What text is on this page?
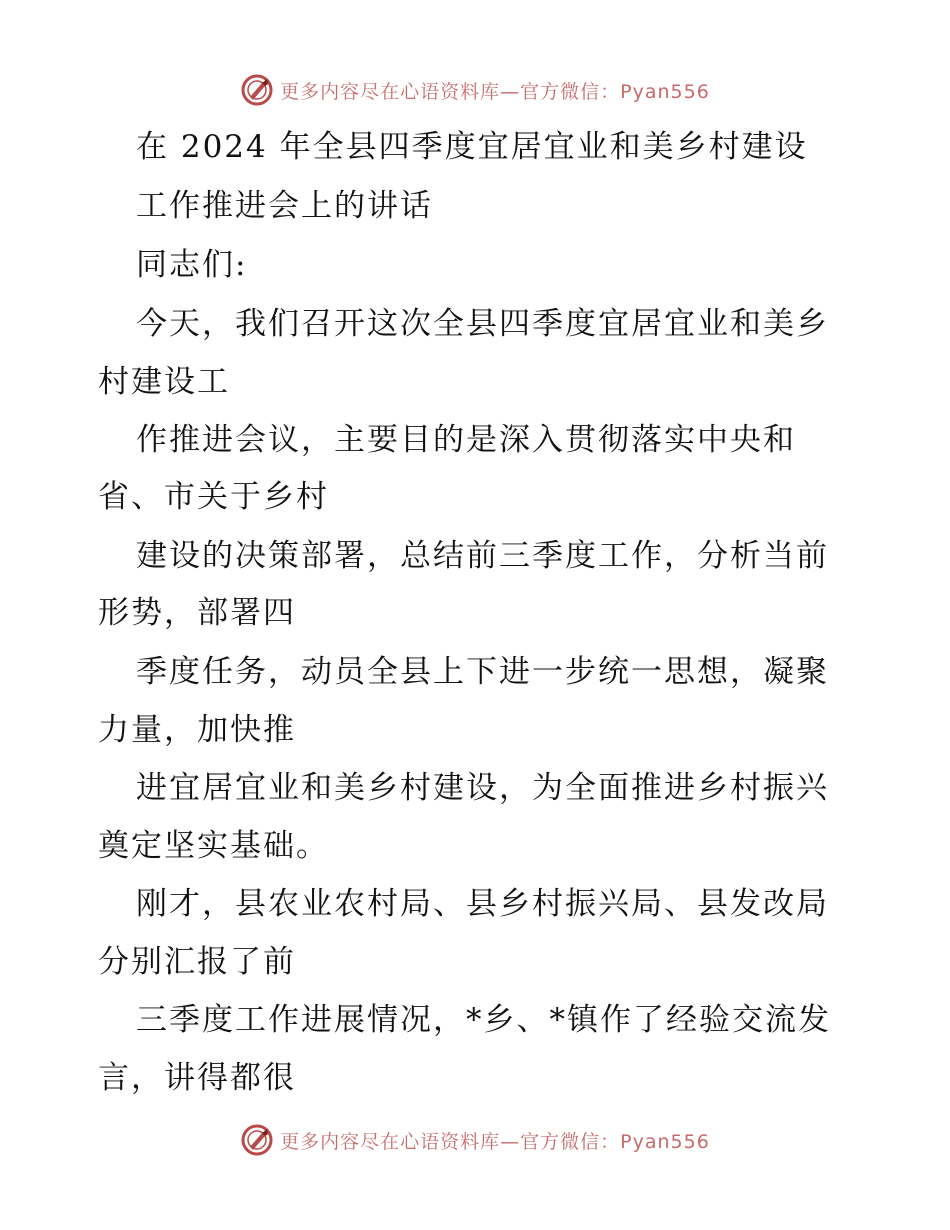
更多内容尽在心语资料库—官方微信：Pyan556
在 2024 年全县四季度宜居宜业和美乡村建设
工作推进会上的讲话
同志们:
今天，我们召开这次全县四季度宜居宜业和美乡
村建设工
作推进会议，主要目的是深入贯彻落实中央和
省、市关于乡村
建设的决策部署，总结前三季度工作，分析当前
形势，部署四
季度任务，动员全县上下进一步统一思想，凝聚
力量，加快推
进宜居宜业和美乡村建设，为全面推进乡村振兴
奠定坚实基础。
刚才，县农业农村局、县乡村振兴局、县发改局
分别汇报了前
三季度工作进展情况，*乡、*镇作了经验交流发
言，讲得都很
更多内容尽在心语资料库—官方微信：Pyan556
